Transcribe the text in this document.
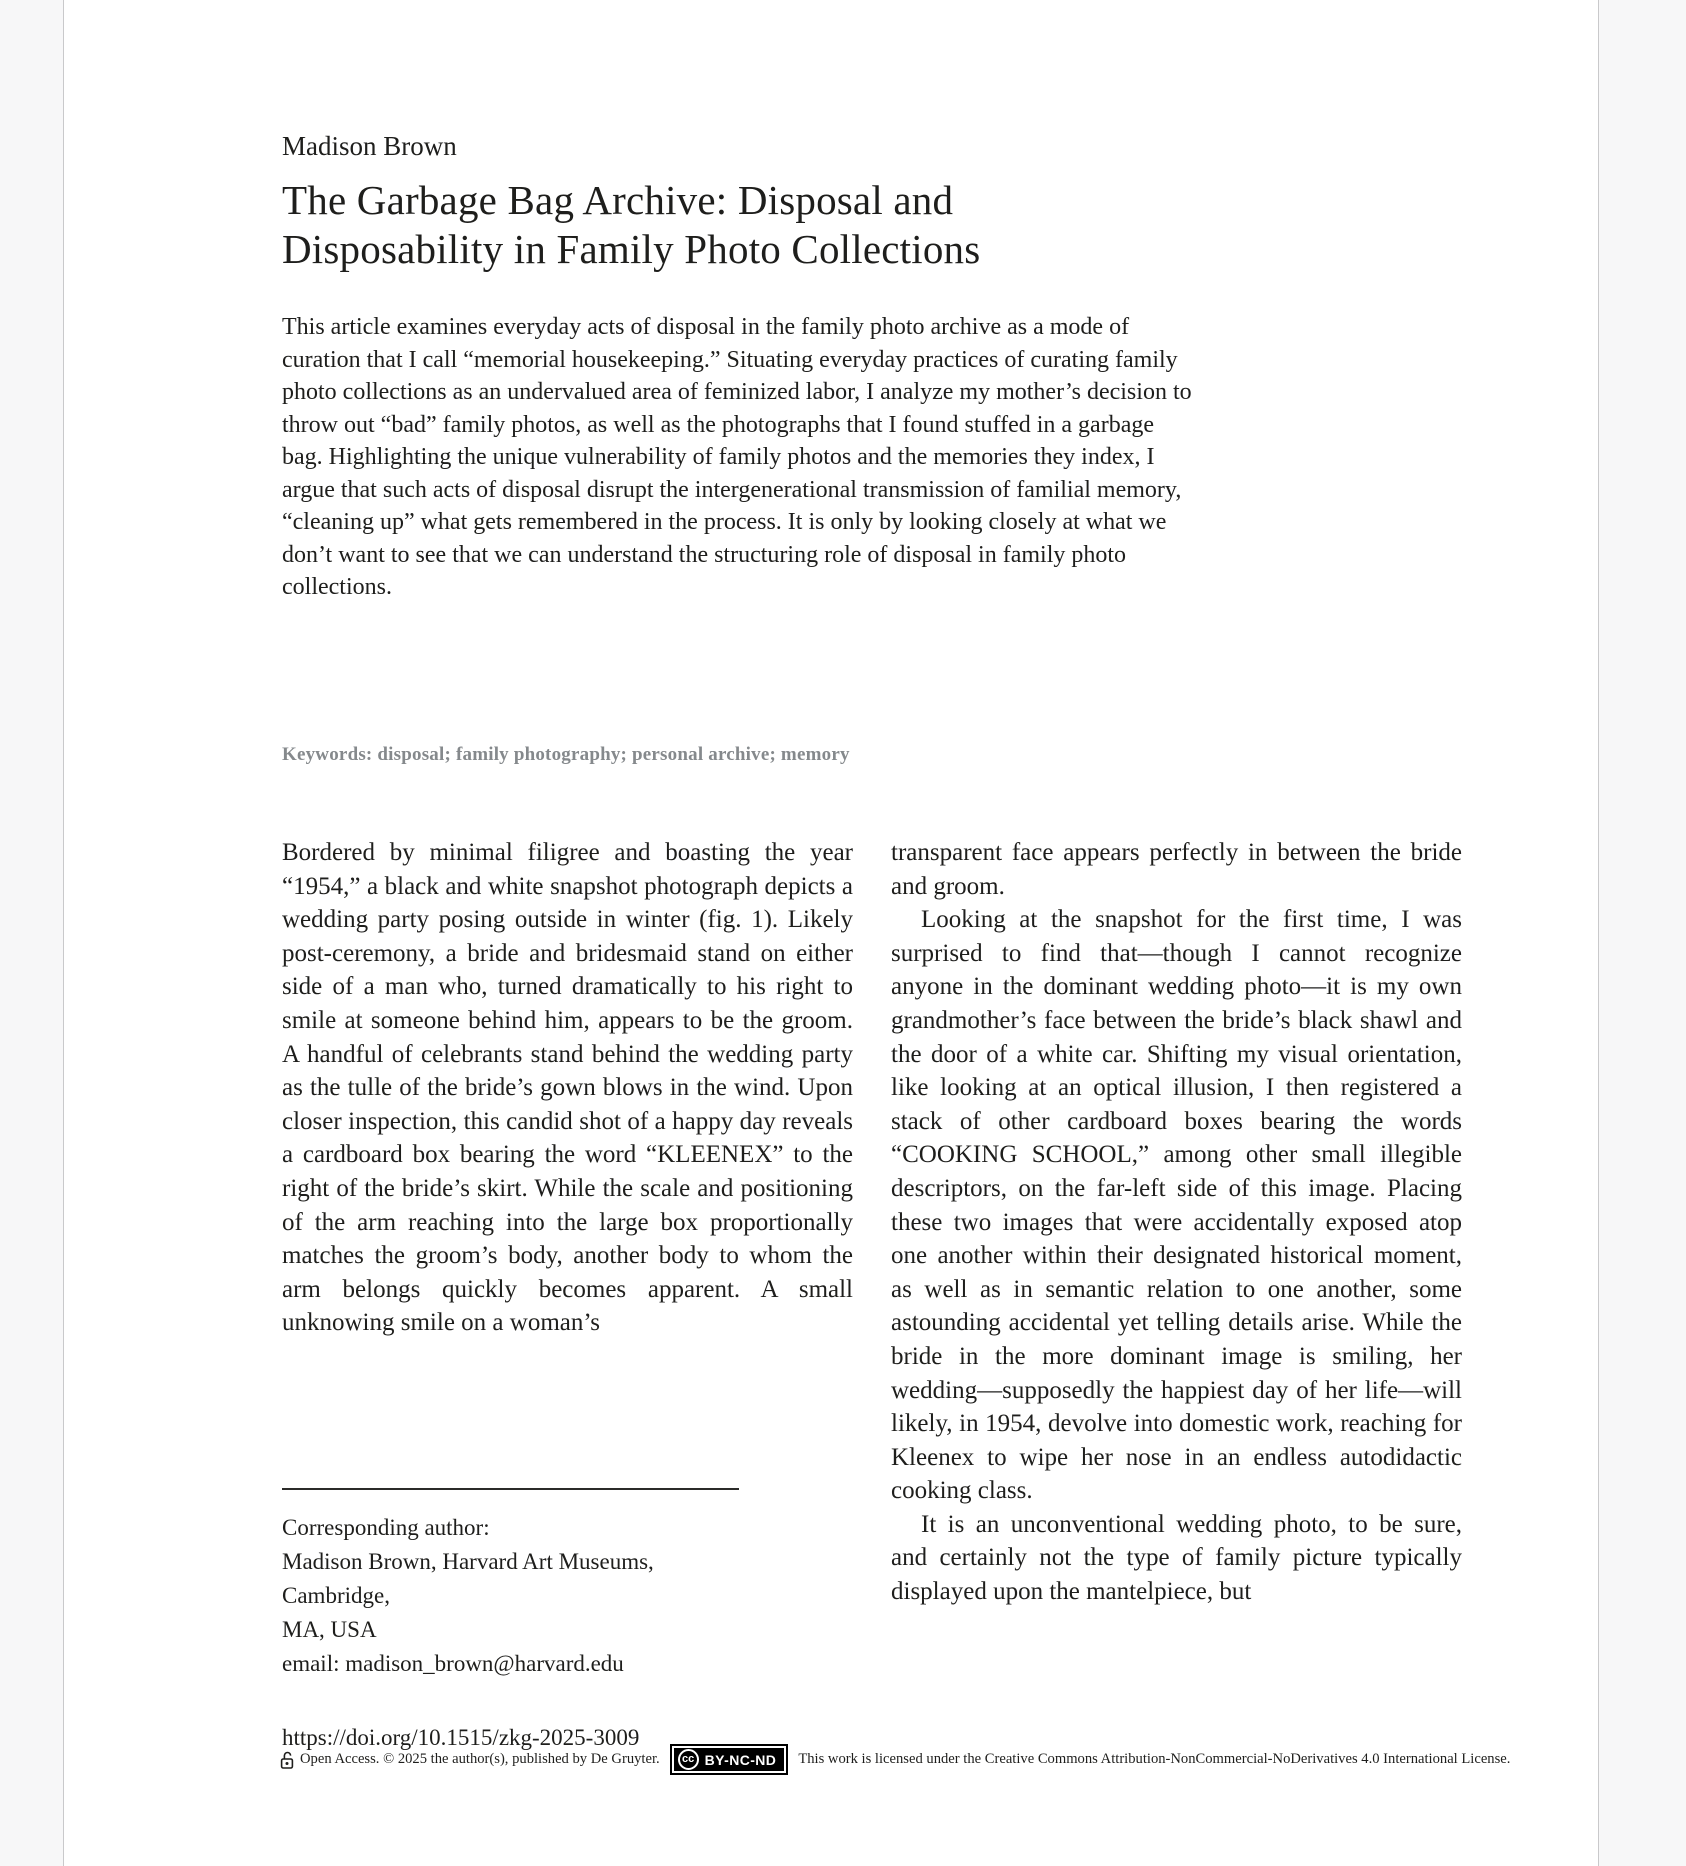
Madison Brown
The Garbage Bag Archive: Disposal and
Disposability in Family Photo Collections
This article examines everyday acts of disposal in the family photo archive as a mode of curation that I call “memorial housekeeping.” Situating everyday practices of curating family photo collections as an undervalued area of feminized labor, I analyze my mother’s decision to throw out “bad” family photos, as well as the photographs that I found stuffed in a garbage bag. Highlighting the unique vulnerability of family photos and the memories they index, I argue that such acts of disposal disrupt the intergenerational transmission of familial memory, “cleaning up” what gets remembered in the process. It is only by looking closely at what we don’t want to see that we can understand the structuring role of disposal in family photo collections.
Keywords: disposal; family photography; personal archive; memory

Bordered by minimal filigree and boasting the year “1954,” a black and white snapshot photograph depicts a wedding party posing outside in winter (fig. 1). Likely post-ceremony, a bride and bridesmaid stand on either side of a man who, turned dramatically to his right to smile at someone behind him, appears to be the groom. A handful of celebrants stand behind the wedding party as the tulle of the bride’s gown blows in the wind. Upon closer inspection, this candid shot of a happy day reveals a cardboard box bearing the word “KLEENEX” to the right of the bride’s skirt. While the scale and positioning of the arm reaching into the large box proportionally matches the groom’s body, another body to whom the arm belongs quickly becomes apparent. A small unknowing smile on a woman’s

transparent face appears perfectly in between the bride and groom.

Looking at the snapshot for the first time, I was surprised to find that—though I cannot recognize anyone in the dominant wedding photo—it is my own grandmother’s face between the bride’s black shawl and the door of a white car. Shifting my visual orientation, like looking at an optical illusion, I then registered a stack of other cardboard boxes bearing the words “COOKING SCHOOL,” among other small illegible descriptors, on the far-left side of this image. Placing these two images that were accidentally exposed atop one another within their designated historical moment, as well as in semantic relation to one another, some astounding accidental yet telling details arise. While the bride in the more dominant image is smiling, her wedding—supposedly the happiest day of her life—will likely, in 1954, devolve into domestic work, reaching for Kleenex to wipe her nose in an endless autodidactic cooking class.

It is an unconventional wedding photo, to be sure, and certainly not the type of family picture typically displayed upon the mantelpiece, but

Corresponding author:
Madison Brown, Harvard Art Museums, Cambridge,
MA, USA
email: madison_brown@harvard.edu
https://doi.org/10.1515/zkg-2025-3009
Open Access. © 2025 the author(s), published by De Gruyter. cc BY-NC-ND This work is licensed under the Creative Commons Attribution-NonCommercial-NoDerivatives 4.0 International License.
